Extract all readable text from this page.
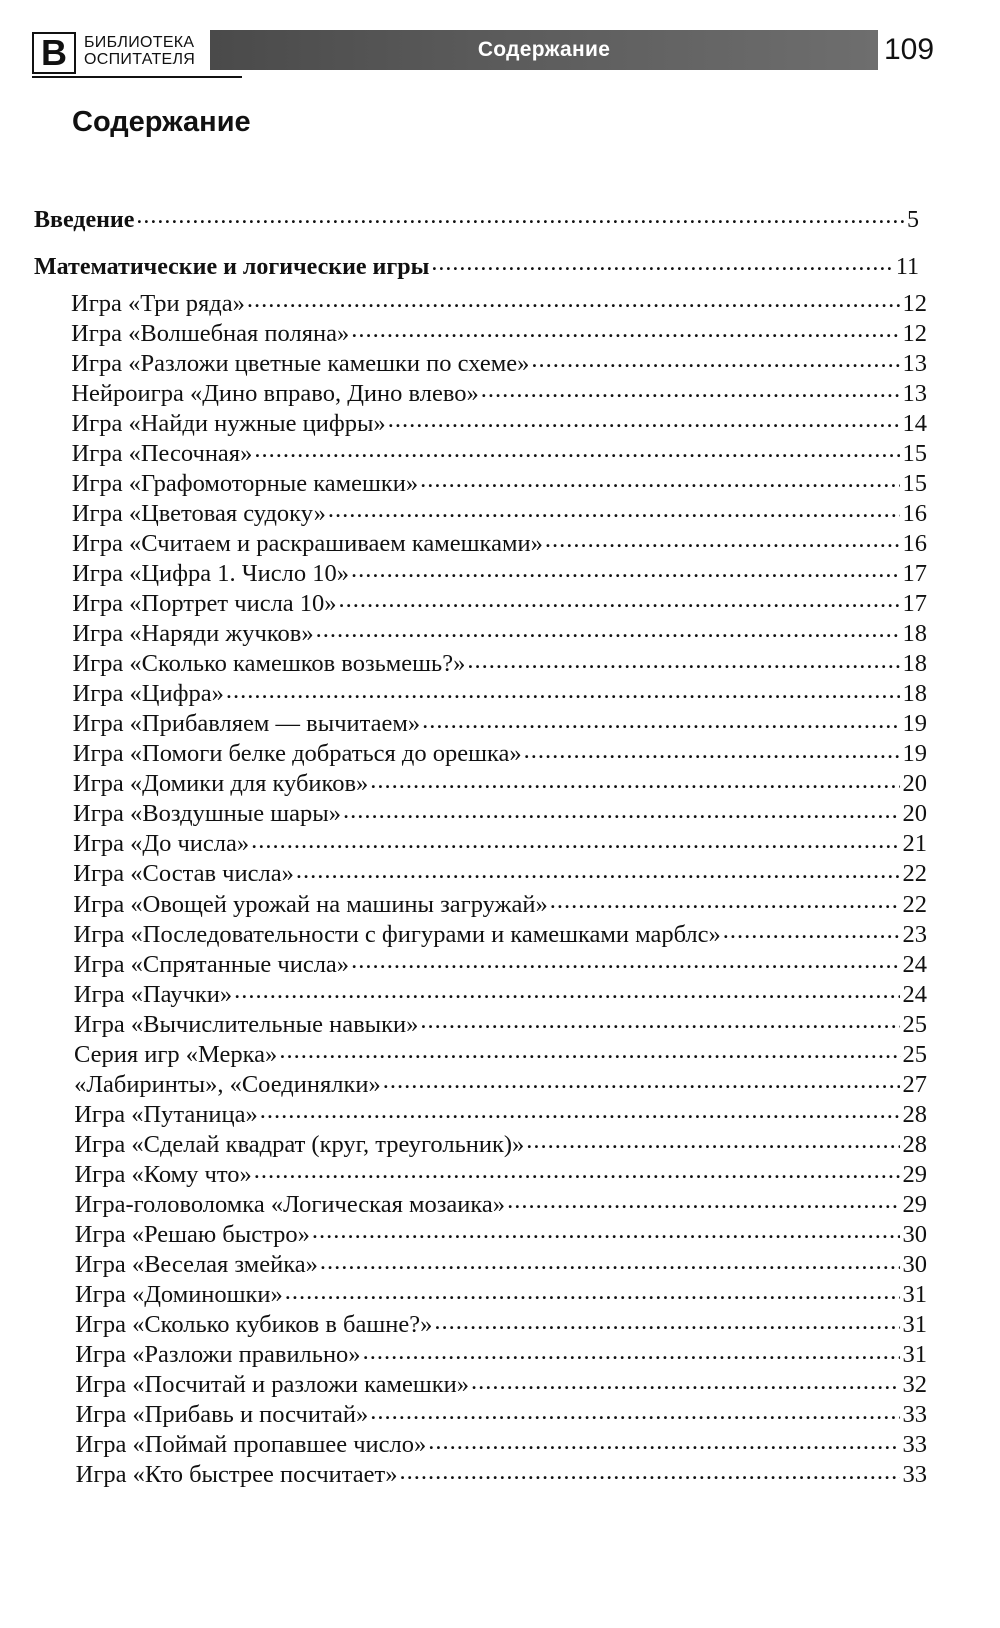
В БИБЛИОТЕКА
ОСПИТАТЕЛЯ	Содержание	109
Содержание
Введение .....	5
Математические и логические игры .....	11
Игра «Три ряда» .....	12
Игра «Волшебная поляна» .....	12
Игра «Разложи цветные камешки по схеме» .....	13
Нейроигра «Дино вправо, Дино влево» .....	13
Игра «Найди нужные цифры» .....	14
Игра «Песочная» .....	15
Игра «Графомоторные камешки» .....	15
Игра «Цветовая судоку» .....	16
Игра «Считаем и раскрашиваем камешками» .....	16
Игра «Цифра 1. Число 10» .....	17
Игра «Портрет числа 10» .....	17
Игра «Наряди жучков» .....	18
Игра «Сколько камешков возьмешь?» .....	18
Игра «Цифра» .....	18
Игра «Прибавляем — вычитаем» .....	19
Игра «Помоги белке добраться до орешка» .....	19
Игра «Домики для кубиков» .....	20
Игра «Воздушные шары» .....	20
Игра «До числа» .....	21
Игра «Состав числа» .....	22
Игра «Овощей урожай на машины загружай» .....	22
Игра «Последовательности с фигурами и камешками марблс» .....	23
Игра «Спрятанные числа» .....	24
Игра «Паучки» .....	24
Игра «Вычислительные навыки» .....	25
Серия игр «Мерка» .....	25
«Лабиринты», «Соединялки» .....	27
Игра «Путаница» .....	28
Игра «Сделай квадрат (круг, треугольник)» .....	28
Игра «Кому что» .....	29
Игра-головоломка «Логическая мозаика» .....	29
Игра «Решаю быстро» .....	30
Игра «Веселая змейка» .....	30
Игра «Доминошки» .....	31
Игра «Сколько кубиков в башне?» .....	31
Игра «Разложи правильно» .....	31
Игра «Посчитай и разложи камешки» .....	32
Игра «Прибавь и посчитай» .....	33
Игра «Поймай пропавшее число» .....	33
Игра «Кто быстрее посчитает» .....	33
